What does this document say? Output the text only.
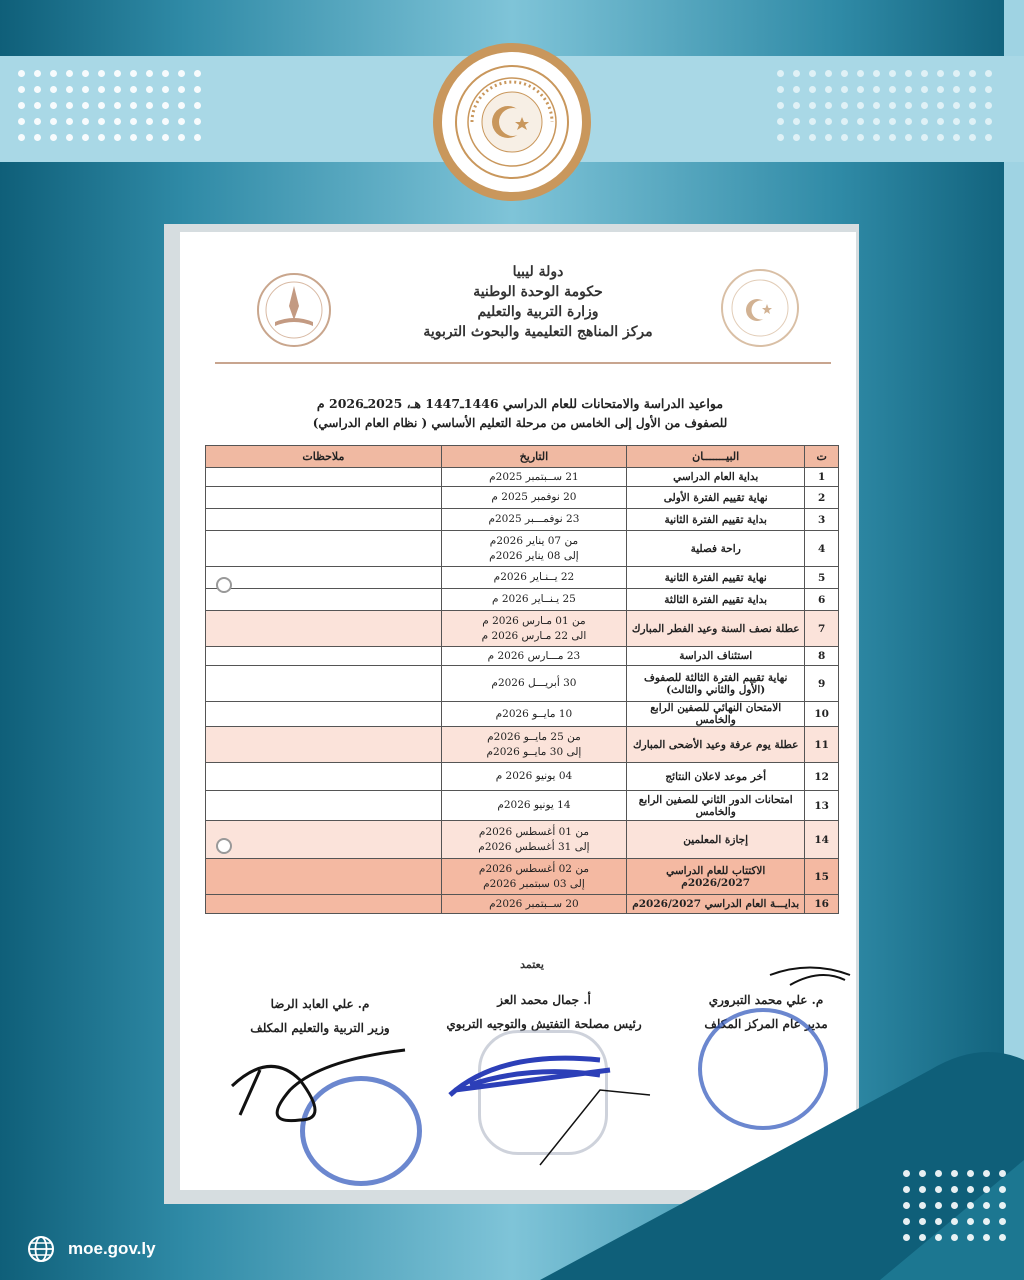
دولة ليبيا
حكومة الوحدة الوطنية
وزارة التربية والتعليم
مركز المناهج التعليمية والبحوث التربوية
مواعيد الدراسة والامتحانات للعام الدراسي 1446ـ1447 هـ، 2025ـ2026 م
للصفوف من الأول إلى الخامس من مرحلة التعليم الأساسي ( نظام العام الدراسي)
ت	البيـــــــان	التاريخ	ملاحظات
1	بداية العام الدراسي	21 ســبتمبر 2025م	

2	نهاية تقييم الفترة الأولى	20 نوفمبر 2025 م	

3	بداية تقييم الفترة الثانية	23 نوفمـــبر 2025م	

4	راحة فصلية	من 07 يناير 2026م
إلى 08 يناير 2026م	

5	نهاية تقييم الفترة الثانية	22 يــنـاير 2026م	

6	بداية تقييم الفترة الثالثة	25 يـنــاير 2026 م	

7	عطلة نصف السنة وعيد الفطر المبارك	من 01 مـارس 2026 م
الى 22 مـارس 2026 م	

8	استئناف الدراسة	23 مـــارس 2026 م	

9	نهاية تقييم الفترة الثالثة للصفوف (الأول والثاني والثالث)	30 أبريـــل 2026م	

10	الامتحان النهائي للصفين الرابع والخامس	10 مايــو 2026م	

11	عطلة يوم عرفة وعيد الأضحى المبارك	من 25 مايــو 2026م
إلى 30 مايــو 2026م	

12	أخر موعد لاعلان النتائج	04 يونيو 2026 م	

13	امتحانات الدور الثاني للصفين الرابع والخامس	14 يونيو 2026م	

14	إجازة المعلمين	من 01 أغسطس 2026م
إلى 31 أغسطس 2026م	

15	الاكتتاب للعام الدراسي 2026/2027م	من 02 أغسطس 2026م
إلى 03 سبتمبر 2026م	

16	بدايـــة العام الدراسي 2026/2027م	20 ســبتمبر 2026م	

يعتمد
م. علي محمد التبروري
مدير عام المركز المكلف
أ. جمال محمد العز
رئيس مصلحة التفتيش والتوجيه التربوي
م. علي العابد الرضا
وزير التربية والتعليم المكلف
moe.gov.ly
